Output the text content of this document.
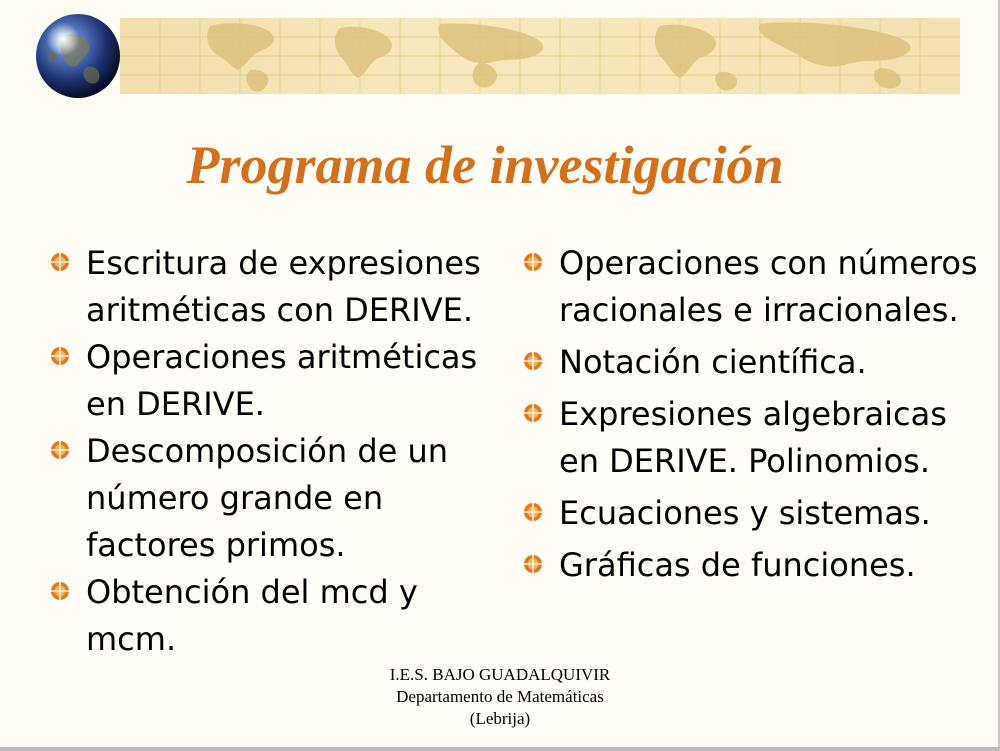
Programa de investigación
Escritura de expresiones aritméticas con DERIVE.
Operaciones aritméticas en DERIVE.
Descomposición de un número grande en factores primos.
Obtención del mcd y mcm.
Operaciones con números racionales e irracionales.
Notación científica.
Expresiones algebraicas en DERIVE. Polinomios.
Ecuaciones y sistemas.
Gráficas de funciones.
I.E.S. BAJO GUADALQUIVIR
Departamento de Matemáticas
(Lebrija)
